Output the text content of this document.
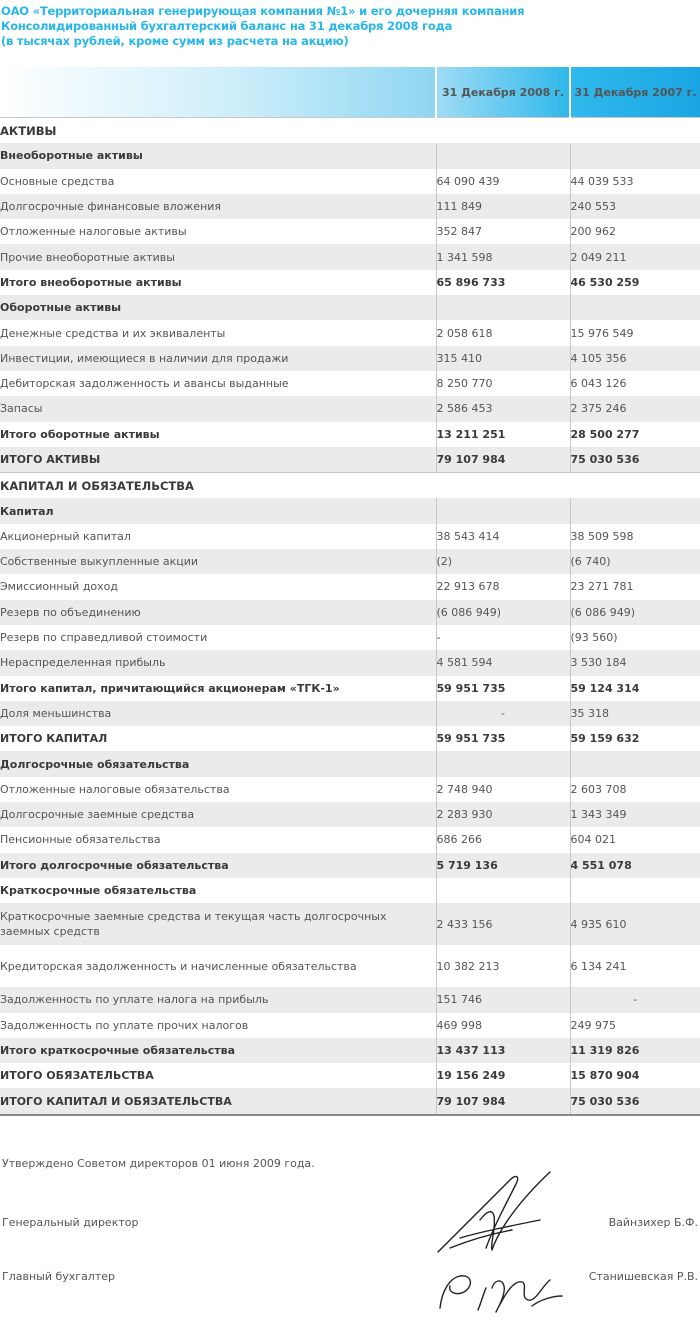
ОАО «Территориальная генерирующая компания №1» и его дочерняя компания
Консолидированный бухгалтерский баланс на 31 декабря 2008 года
(в тысячах рублей, кроме сумм из расчета на акцию)
	31 Декабря 2008 г.	31 Декабря 2007 г.
АКТИВЫ		
Внеоборотные активы		
Основные средства	64 090 439	44 039 533
Долгосрочные финансовые вложения	111 849	240 553
Отложенные налоговые активы	352 847	200 962
Прочие внеоборотные активы	1 341 598	2 049 211
Итого внеоборотные активы	65 896 733	46 530 259
Оборотные активы		
Денежные средства и их эквиваленты	2 058 618	15 976 549
Инвестиции, имеющиеся в наличии для продажи	315 410	4 105 356
Дебиторская задолженность и авансы выданные	8 250 770	6 043 126
Запасы	2 586 453	2 375 246
Итого оборотные активы	13 211 251	28 500 277
ИТОГО АКТИВЫ	79 107 984	75 030 536
КАПИТАЛ И ОБЯЗАТЕЛЬСТВА		
Капитал		
Акционерный капитал	38 543 414	38 509 598
Собственные выкупленные акции	(2)	(6 740)
Эмиссионный доход	22 913 678	23 271 781
Резерв по объединению	(6 086 949)	(6 086 949)
Резерв по справедливой стоимости	-	(93 560)
Нераспределенная прибыль	4 581 594	3 530 184
Итого капитал, причитающийся акционерам «ТГК-1»	59 951 735	59 124 314
Доля меньшинства	-	35 318
ИТОГО КАПИТАЛ	59 951 735	59 159 632
Долгосрочные обязательства		
Отложенные налоговые обязательства	2 748 940	2 603 708
Долгосрочные заемные средства	2 283 930	1 343 349
Пенсионные обязательства	686 266	604 021
Итого долгосрочные обязательства	5 719 136	4 551 078
Краткосрочные обязательства		
Краткосрочные заемные средства и текущая часть долгосрочных заемных средств	2 433 156	4 935 610
Кредиторская задолженность и начисленные обязательства	10 382 213	6 134 241
Задолженность по уплате налога на прибыль	151 746	-
Задолженность по уплате прочих налогов	469 998	249 975
Итого краткосрочные обязательства	13 437 113	11 319 826
ИТОГО ОБЯЗАТЕЛЬСТВА	19 156 249	15 870 904
ИТОГО КАПИТАЛ И ОБЯЗАТЕЛЬСТВА	79 107 984	75 030 536
Утверждено Советом директоров 01 июня 2009 года.
Генеральный директор	Вайнзихер Б.Ф.
Главный бухгалтер	Станишевская Р.В.
